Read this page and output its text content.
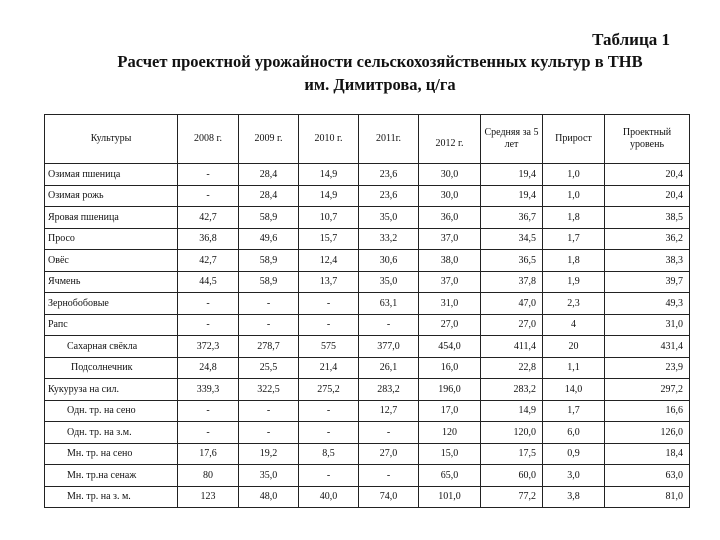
Таблица 1
Расчет проектной урожайности сельскохозяйственных культур в ТНВ
им. Димитрова, ц/га
Культуры	2008 г.	2009 г.	2010 г.	2011г.	2012 г.	Средняя за 5 лет	Прирост	Проектный уровень
Озимая пшеница	-	28,4	14,9	23,6	30,0	19,4	1,0	20,4
Озимая рожь	-	28,4	14,9	23,6	30,0	19,4	1,0	20,4
Яровая пшеница	42,7	58,9	10,7	35,0	36,0	36,7	1,8	38,5
Просо	36,8	49,6	15,7	33,2	37,0	34,5	1,7	36,2
Овёс	42,7	58,9	12,4	30,6	38,0	36,5	1,8	38,3
Ячмень	44,5	58,9	13,7	35,0	37,0	37,8	1,9	39,7
Зернобобовые	-	-	-	63,1	31,0	47,0	2,3	49,3
Рапс	-	-	-	-	27,0	27,0	4	31,0
Сахарная свёкла	372,3	278,7	575	377,0	454,0	411,4	20	431,4
Подсолнечник	24,8	25,5	21,4	26,1	16,0	22,8	1,1	23,9
Кукуруза на сил.	339,3	322,5	275,2	283,2	196,0	283,2	14,0	297,2
Одн. тр. на сено	-	-	-	12,7	17,0	14,9	1,7	16,6
Одн. тр. на з.м.	-	-	-	-	120	120,0	6,0	126,0
Мн. тр. на сено	17,6	19,2	8,5	27,0	15,0	17,5	0,9	18,4
Мн. тр.на сенаж	80	35,0	-	-	65,0	60,0	3,0	63,0
Мн. тр. на з. м.	123	48,0	40,0	74,0	101,0	77,2	3,8	81,0
